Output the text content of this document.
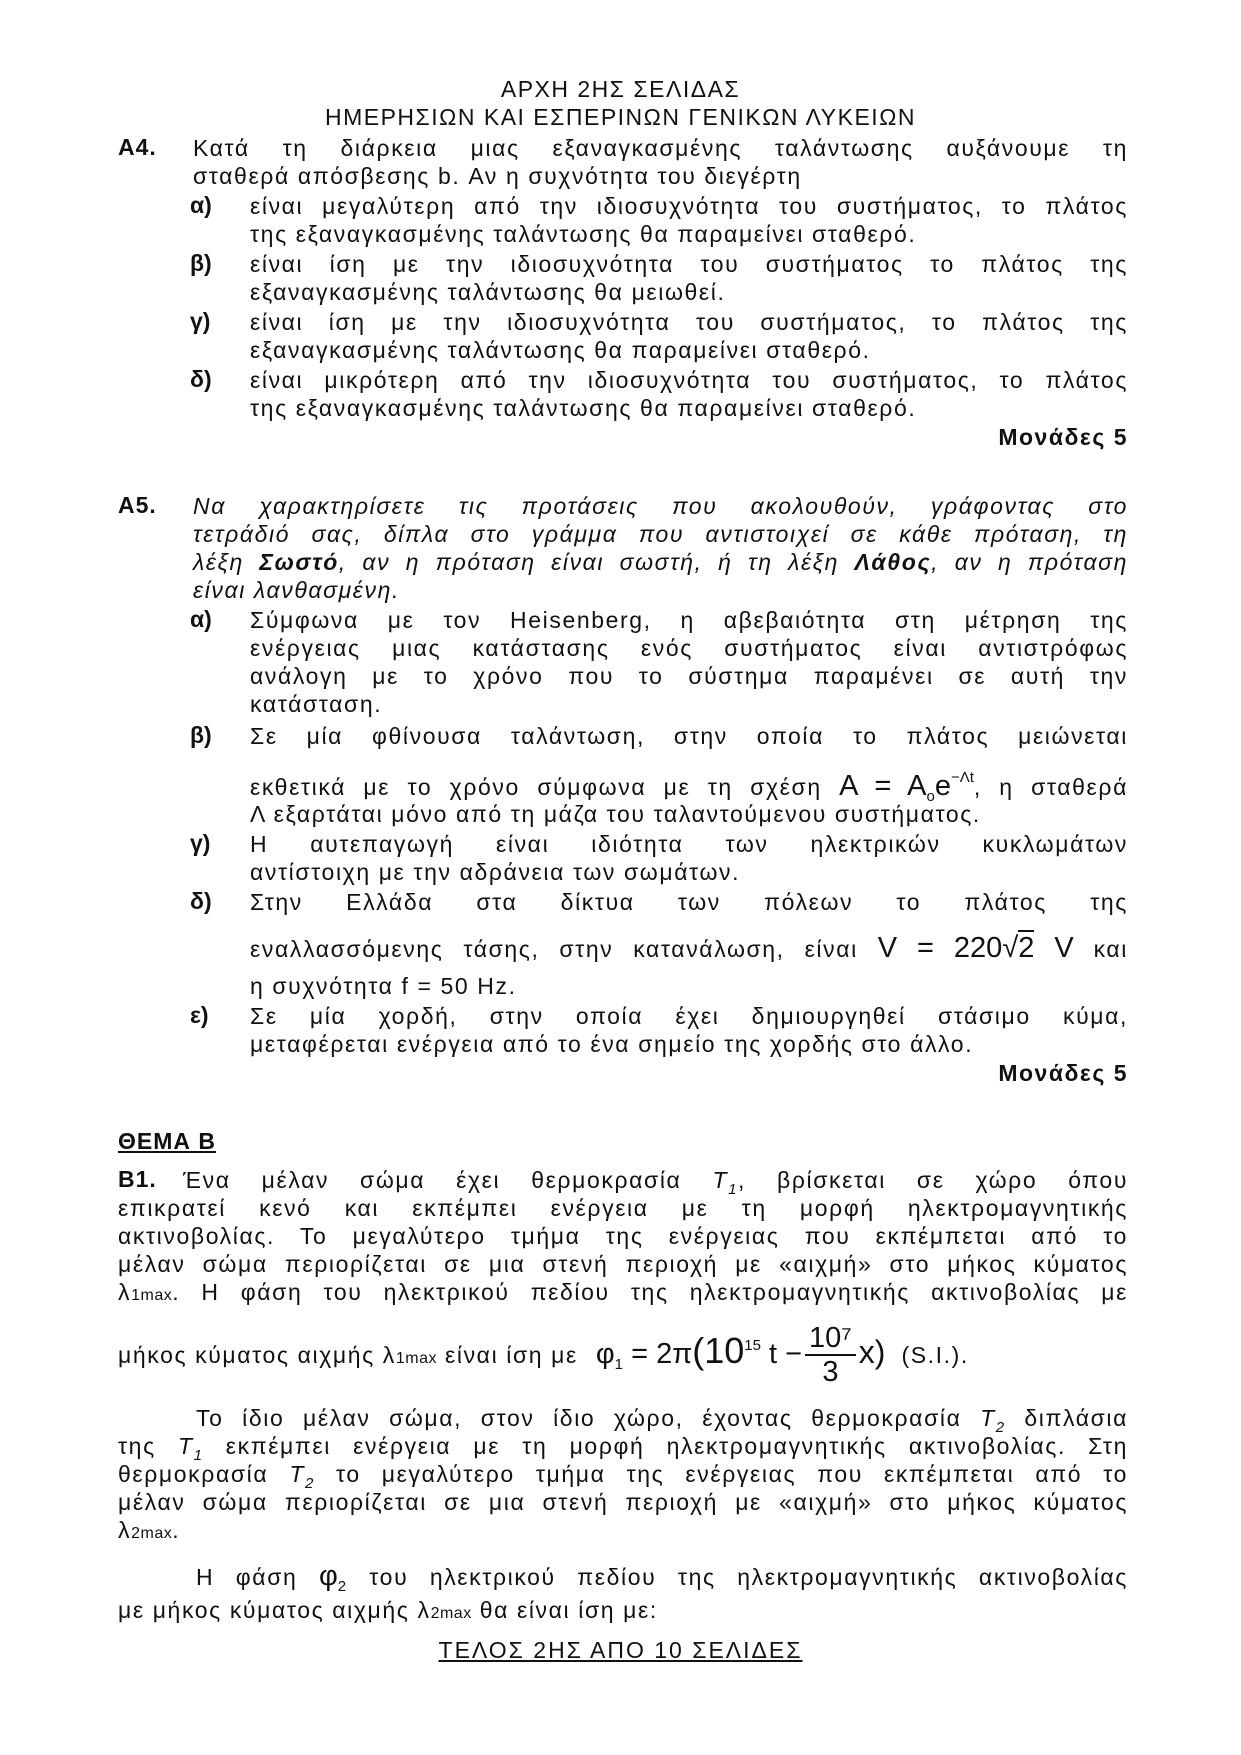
ΑΡΧΗ 2ΗΣ ΣΕΛΙΔΑΣ
ΗΜΕΡΗΣΙΩΝ ΚΑΙ ΕΣΠΕΡΙΝΩΝ ΓΕΝΙΚΩΝ ΛΥΚΕΙΩΝ
Α4. Κατά τη διάρκεια μιας εξαναγκασμένης ταλάντωσης αυξάνουμε τη
σταθερά απόσβεσης b. Αν η συχνότητα του διεγέρτη
α) είναι μεγαλύτερη από την ιδιοσυχνότητα του συστήματος, το πλάτος
της εξαναγκασμένης ταλάντωσης θα παραμείνει σταθερό.
β) είναι ίση με την ιδιοσυχνότητα του συστήματος το πλάτος της
εξαναγκασμένης ταλάντωσης θα μειωθεί.
γ) είναι ίση με την ιδιοσυχνότητα του συστήματος, το πλάτος της
εξαναγκασμένης ταλάντωσης θα παραμείνει σταθερό.
δ) είναι μικρότερη από την ιδιοσυχνότητα του συστήματος, το πλάτος
της εξαναγκασμένης ταλάντωσης θα παραμείνει σταθερό.
Μονάδες 5
Α5. Να χαρακτηρίσετε τις προτάσεις που ακολουθούν, γράφοντας στο
τετράδιό σας, δίπλα στο γράμμα που αντιστοιχεί σε κάθε πρόταση, τη
λέξη Σωστό, αν η πρόταση είναι σωστή, ή τη λέξη Λάθος, αν η πρόταση
είναι λανθασμένη.
α) Σύμφωνα με τον Heisenberg, η αβεβαιότητα στη μέτρηση της
ενέργειας μιας κατάστασης ενός συστήματος είναι αντιστρόφως
ανάλογη με το χρόνο που το σύστημα παραμένει σε αυτή την
κατάσταση.
β) Σε μία φθίνουσα ταλάντωση, στην οποία το πλάτος μειώνεται
εκθετικά με το χρόνο σύμφωνα με τη σχέση $A = A_oe^{-\Lambda t}$, η σταθερά
Λ εξαρτάται μόνο από τη μάζα του ταλαντούμενου συστήματος.
γ) Η αυτεπαγωγή είναι ιδιότητα των ηλεκτρικών κυκλωμάτων
αντίστοιχη με την αδράνεια των σωμάτων.
δ) Στην Ελλάδα στα δίκτυα των πόλεων το πλάτος της
εναλλασσόμενης τάσης, στην κατανάλωση, είναι V = 220√2 V και
η συχνότητα f = 50 Hz.
ε) Σε μία χορδή, στην οποία έχει δημιουργηθεί στάσιμο κύμα,
μεταφέρεται ενέργεια από το ένα σημείο της χορδής στο άλλο.
Μονάδες 5
ΘΕΜΑ Β
Β1. Ένα μέλαν σώμα έχει θερμοκρασία $T_1$, βρίσκεται σε χώρο όπου
επικρατεί κενό και εκπέμπει ενέργεια με τη μορφή ηλεκτρομαγνητικής
ακτινοβολίας. Το μεγαλύτερο τμήμα της ενέργειας που εκπέμπεται από το
μέλαν σώμα περιορίζεται σε μια στενή περιοχή με «αιχμή» στο μήκος κύματος
λ1max. Η φάση του ηλεκτρικού πεδίου της ηλεκτρομαγνητικής ακτινοβολίας με
μήκος κύματος αιχμής λ1max είναι ίση με $\varphi_1 = 2\pi(10^{15}$ $t - \frac{\text{10⁷}}{3} x$) (S.I.).
Το ίδιο μέλαν σώμα, στον ίδιο χώρο, έχοντας θερμοκρασία $T_2$ διπλάσια
της $T_1$ εκπέμπει ενέργεια με τη μορφή ηλεκτρομαγνητικής ακτινοβολίας. Στη
θερμοκρασία $T_2$ το μεγαλύτερο τμήμα της ενέργειας που εκπέμπεται από το
μέλαν σώμα περιορίζεται σε μια στενή περιοχή με «αιχμή» στο μήκος κύματος
λ2max.
Η φάση $\varphi_2$ του ηλεκτρικού πεδίου της ηλεκτρομαγνητικής ακτινοβολίας
με μήκος κύματος αιχμής λ2max θα είναι ίση με:
ΤΕΛΟΣ 2ΗΣ ΑΠΟ 10 ΣΕΛΙΔΕΣ
